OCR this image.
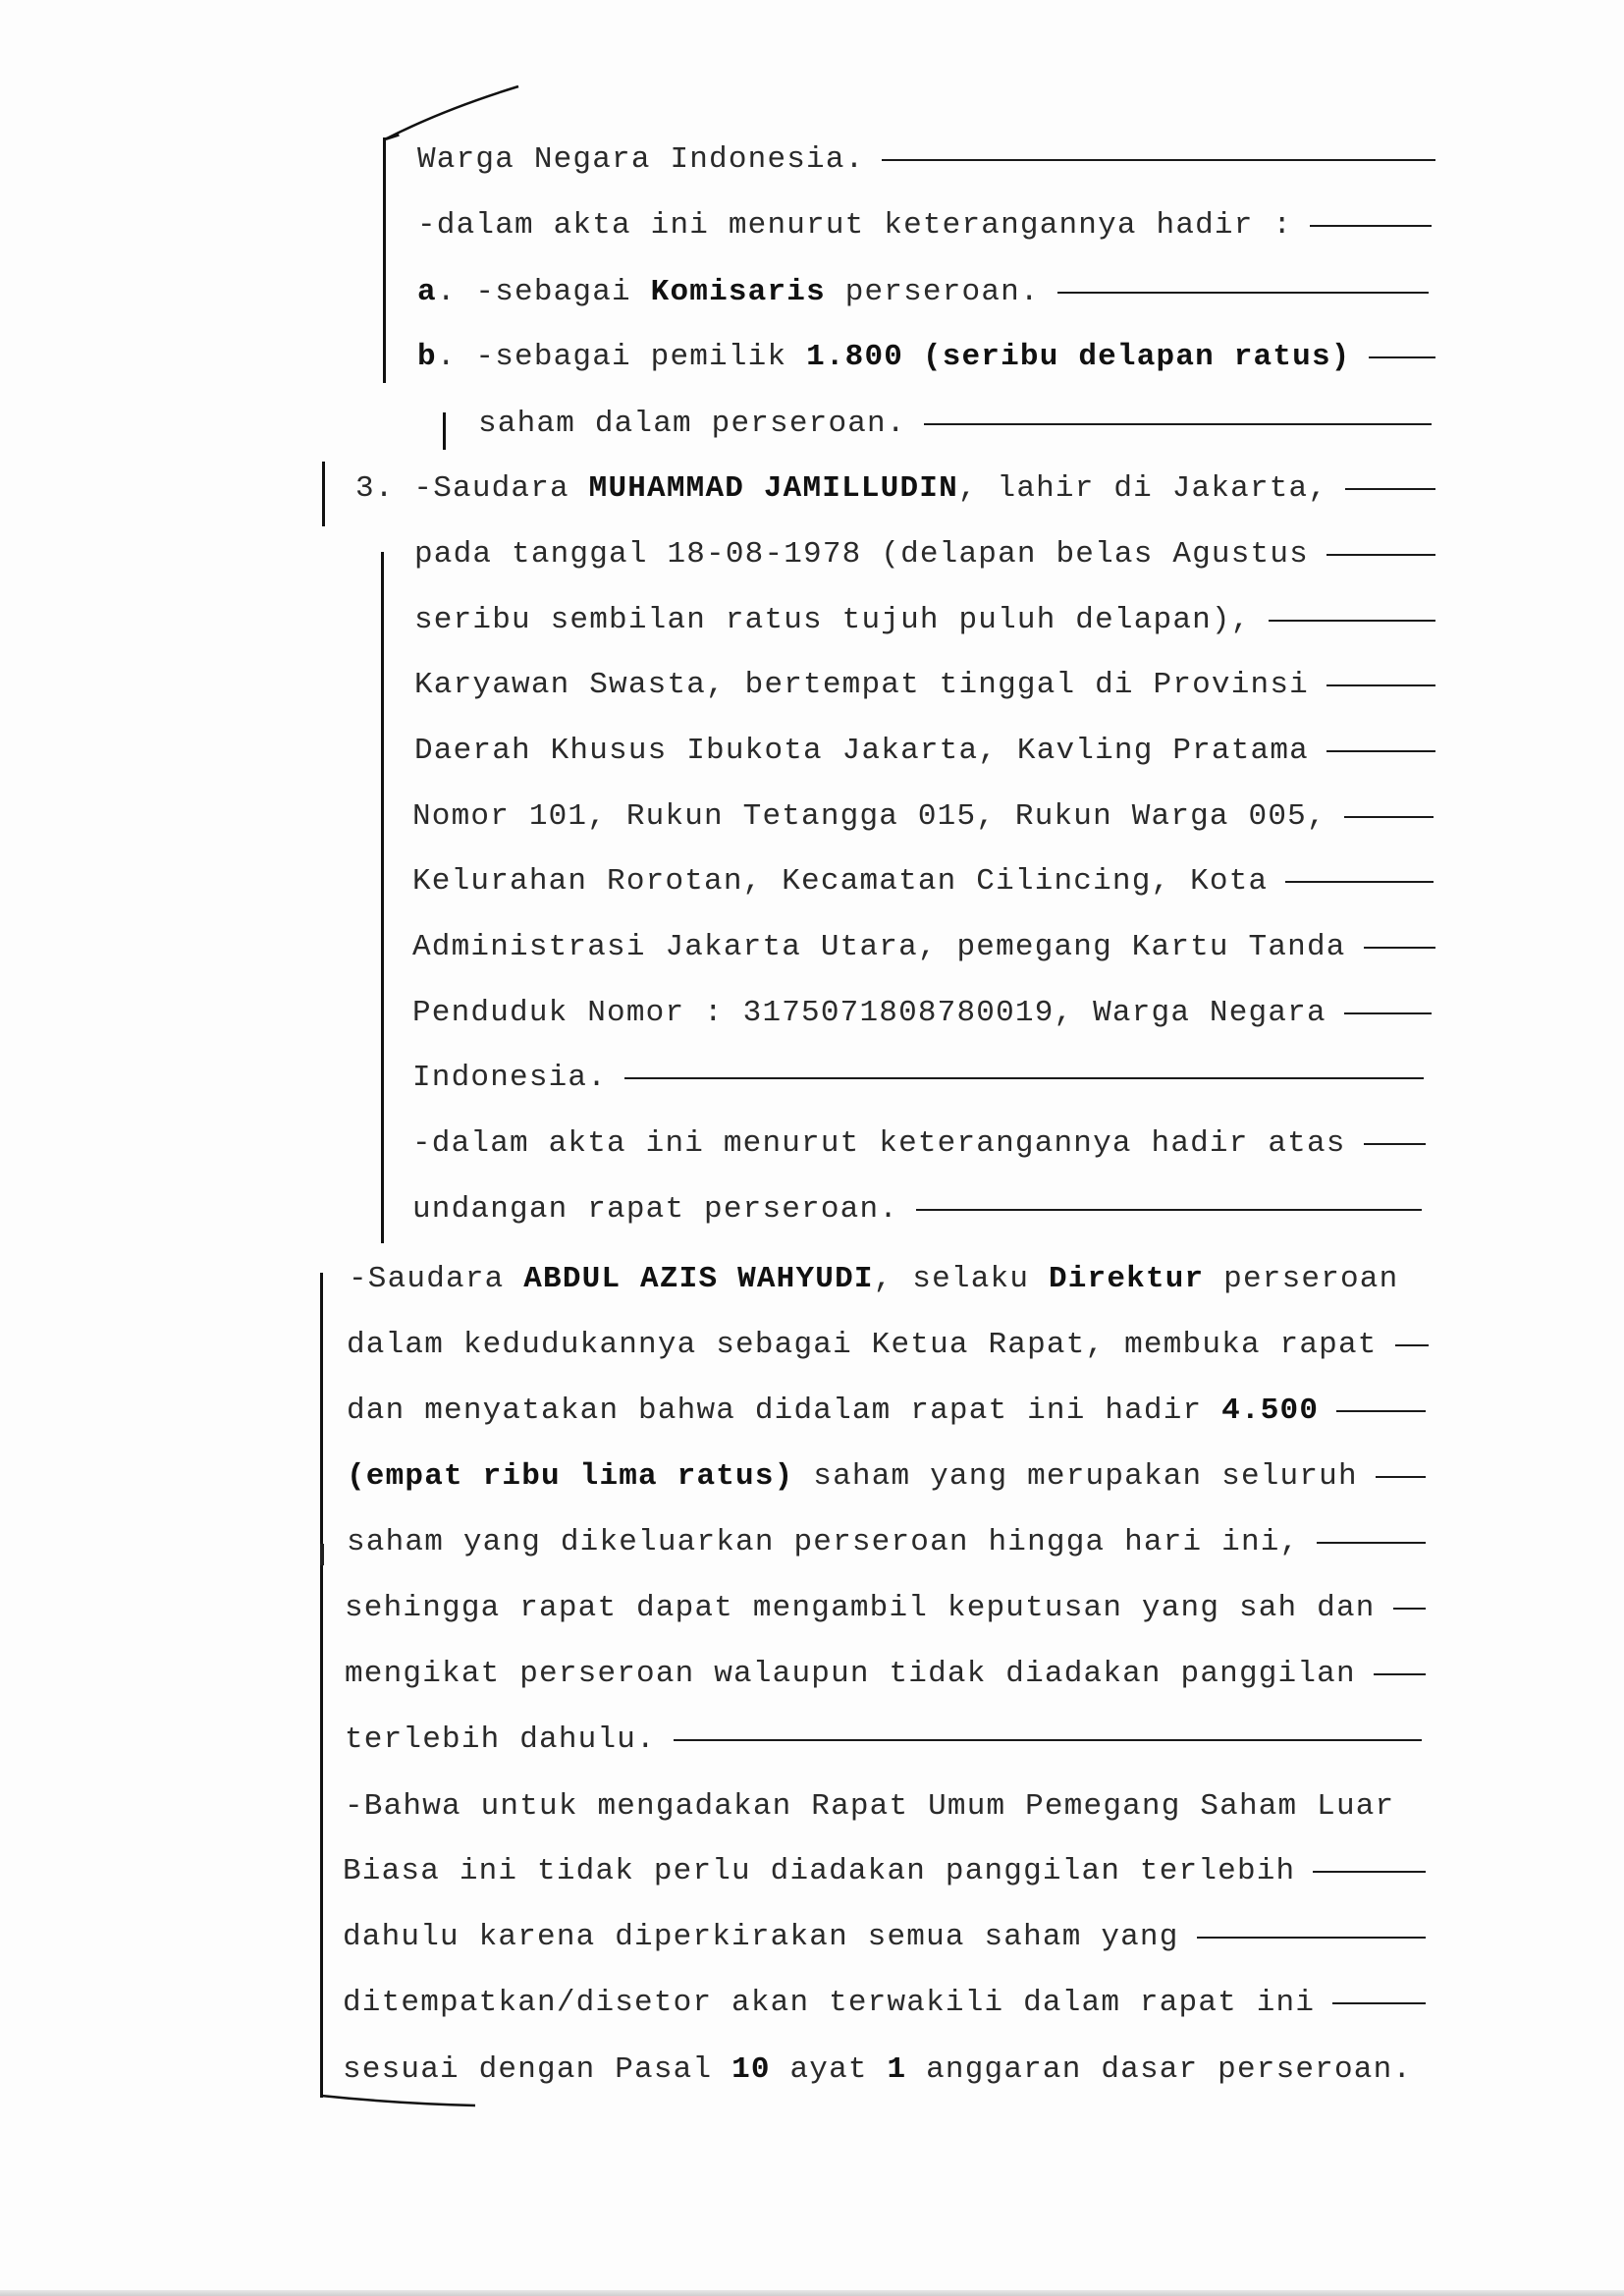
Warga Negara Indonesia.
-dalam akta ini menurut keterangannya hadir :
a . -sebagai Komisaris perseroan.
b . -sebagai pemilik 1.800 (seribu delapan ratus)
saham dalam perseroan.
3. -Saudara MUHAMMAD JAMILLUDIN , lahir di Jakarta,
pada tanggal 18-08-1978 (delapan belas Agustus
seribu sembilan ratus tujuh puluh delapan),
Karyawan Swasta, bertempat tinggal di Provinsi
Daerah Khusus Ibukota Jakarta, Kavling Pratama
Nomor 101, Rukun Tetangga 015, Rukun Warga 005,
Kelurahan Rorotan, Kecamatan Cilincing, Kota
Administrasi Jakarta Utara, pemegang Kartu Tanda
Penduduk Nomor : 3175071808780019, Warga Negara
Indonesia.
-dalam akta ini menurut keterangannya hadir atas
undangan rapat perseroan.
-Saudara ABDUL AZIS WAHYUDI , selaku Direktur perseroan
dalam kedudukannya sebagai Ketua Rapat, membuka rapat
dan menyatakan bahwa didalam rapat ini hadir 4.500
(empat ribu lima ratus) saham yang merupakan seluruh
saham yang dikeluarkan perseroan hingga hari ini,
sehingga rapat dapat mengambil keputusan yang sah dan
mengikat perseroan walaupun tidak diadakan panggilan
terlebih dahulu.
-Bahwa untuk mengadakan Rapat Umum Pemegang Saham Luar
Biasa ini tidak perlu diadakan panggilan terlebih
dahulu karena diperkirakan semua saham yang
ditempatkan/disetor akan terwakili dalam rapat ini
sesuai dengan Pasal 10 ayat 1 anggaran dasar perseroan.
